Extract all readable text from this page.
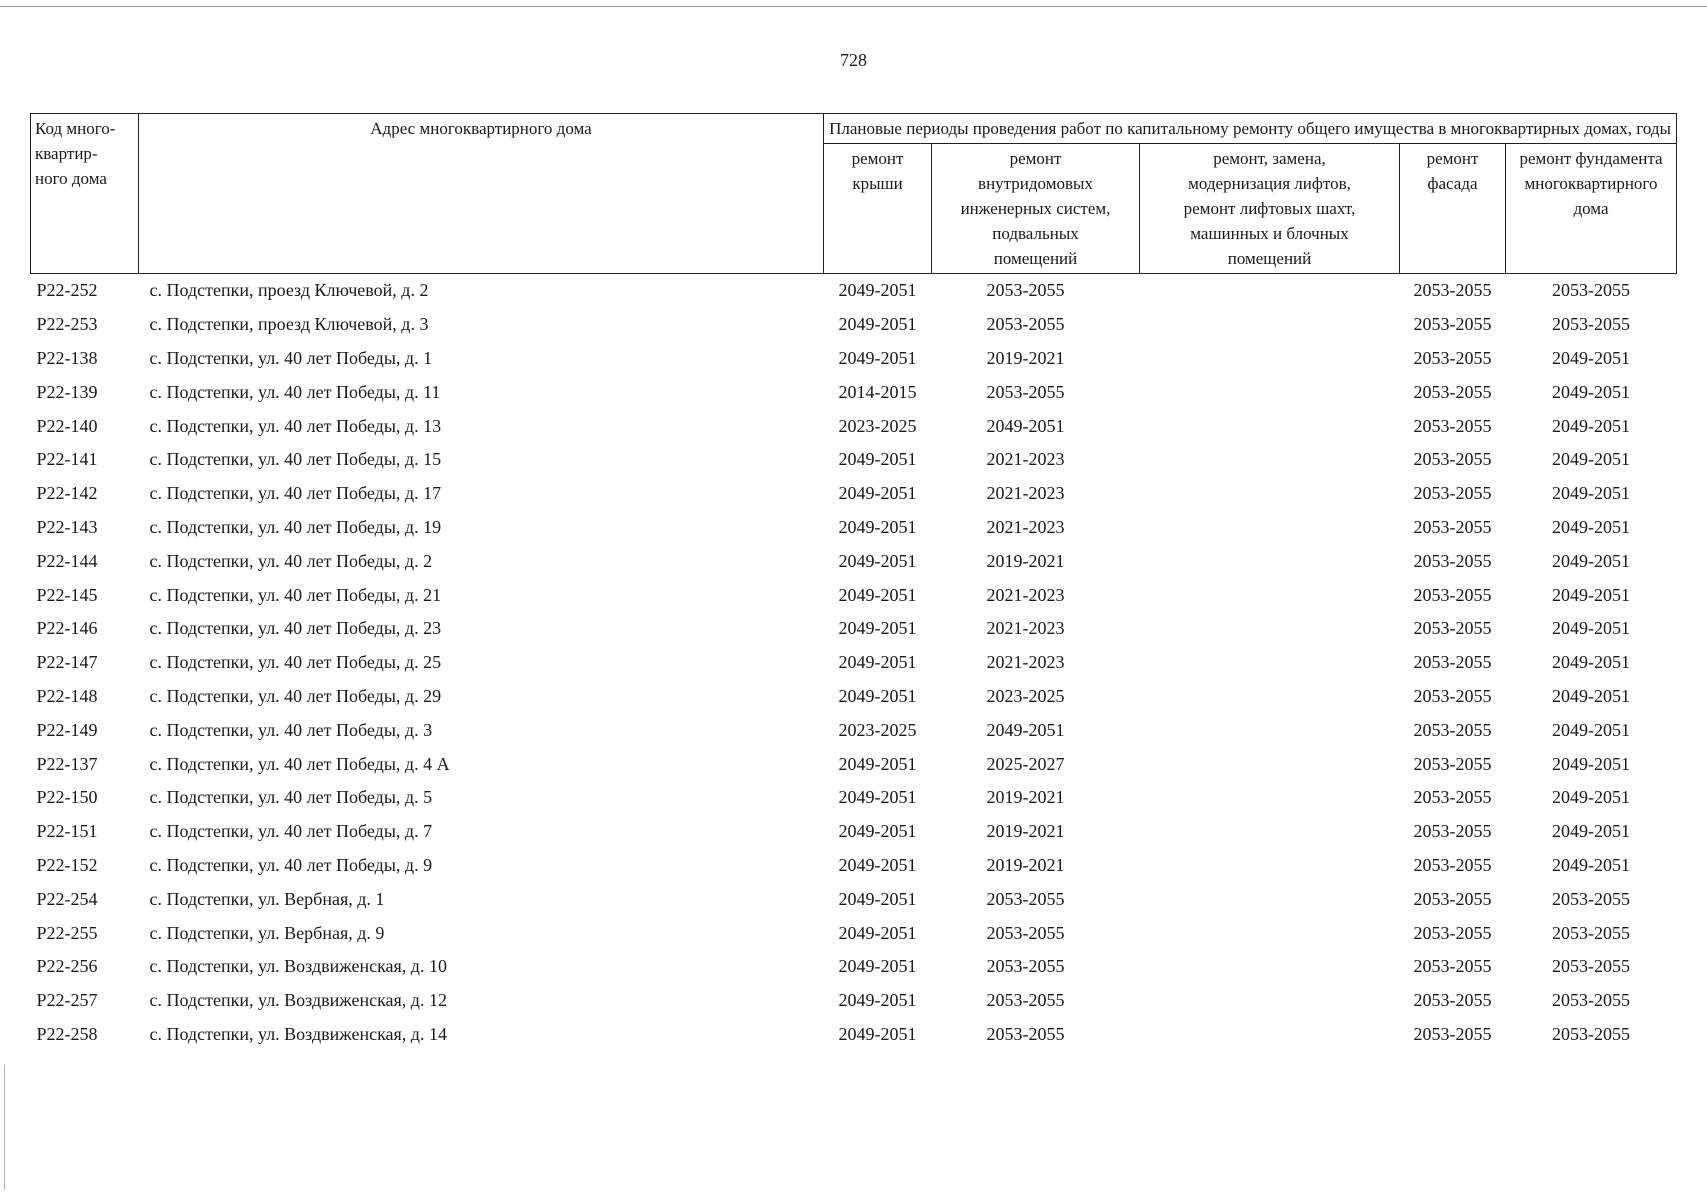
728
Код много-
квартир-
ного дома	Адрес многоквартирного дома	Плановые периоды проведения работ по капитальному ремонту общего имущества в многоквартирных домах, годы				
		ремонт
крыши	ремонт
внутридомовых
инженерных систем,
подвальных
помещений	ремонт, замена,
модернизация лифтов,
ремонт лифтовых шахт,
машинных и блочных
помещений	ремонт
фасада	ремонт фундамента
многоквартирного
дома
Р22-252	с. Подстепки, проезд Ключевой, д. 2	2049-2051	2053-2055		2053-2055	2053-2055
Р22-253	с. Подстепки, проезд Ключевой, д. 3	2049-2051	2053-2055		2053-2055	2053-2055
Р22-138	с. Подстепки, ул. 40 лет Победы, д. 1	2049-2051	2019-2021		2053-2055	2049-2051
Р22-139	с. Подстепки, ул. 40 лет Победы, д. 11	2014-2015	2053-2055		2053-2055	2049-2051
Р22-140	с. Подстепки, ул. 40 лет Победы, д. 13	2023-2025	2049-2051		2053-2055	2049-2051
Р22-141	с. Подстепки, ул. 40 лет Победы, д. 15	2049-2051	2021-2023		2053-2055	2049-2051
Р22-142	с. Подстепки, ул. 40 лет Победы, д. 17	2049-2051	2021-2023		2053-2055	2049-2051
Р22-143	с. Подстепки, ул. 40 лет Победы, д. 19	2049-2051	2021-2023		2053-2055	2049-2051
Р22-144	с. Подстепки, ул. 40 лет Победы, д. 2	2049-2051	2019-2021		2053-2055	2049-2051
Р22-145	с. Подстепки, ул. 40 лет Победы, д. 21	2049-2051	2021-2023		2053-2055	2049-2051
Р22-146	с. Подстепки, ул. 40 лет Победы, д. 23	2049-2051	2021-2023		2053-2055	2049-2051
Р22-147	с. Подстепки, ул. 40 лет Победы, д. 25	2049-2051	2021-2023		2053-2055	2049-2051
Р22-148	с. Подстепки, ул. 40 лет Победы, д. 29	2049-2051	2023-2025		2053-2055	2049-2051
Р22-149	с. Подстепки, ул. 40 лет Победы, д. 3	2023-2025	2049-2051		2053-2055	2049-2051
Р22-137	с. Подстепки, ул. 40 лет Победы, д. 4 А	2049-2051	2025-2027		2053-2055	2049-2051
Р22-150	с. Подстепки, ул. 40 лет Победы, д. 5	2049-2051	2019-2021		2053-2055	2049-2051
Р22-151	с. Подстепки, ул. 40 лет Победы, д. 7	2049-2051	2019-2021		2053-2055	2049-2051
Р22-152	с. Подстепки, ул. 40 лет Победы, д. 9	2049-2051	2019-2021		2053-2055	2049-2051
Р22-254	с. Подстепки, ул. Вербная, д. 1	2049-2051	2053-2055		2053-2055	2053-2055
Р22-255	с. Подстепки, ул. Вербная, д. 9	2049-2051	2053-2055		2053-2055	2053-2055
Р22-256	с. Подстепки, ул. Воздвиженская, д. 10	2049-2051	2053-2055		2053-2055	2053-2055
Р22-257	с. Подстепки, ул. Воздвиженская, д. 12	2049-2051	2053-2055		2053-2055	2053-2055
Р22-258	с. Подстепки, ул. Воздвиженская, д. 14	2049-2051	2053-2055		2053-2055	2053-2055
